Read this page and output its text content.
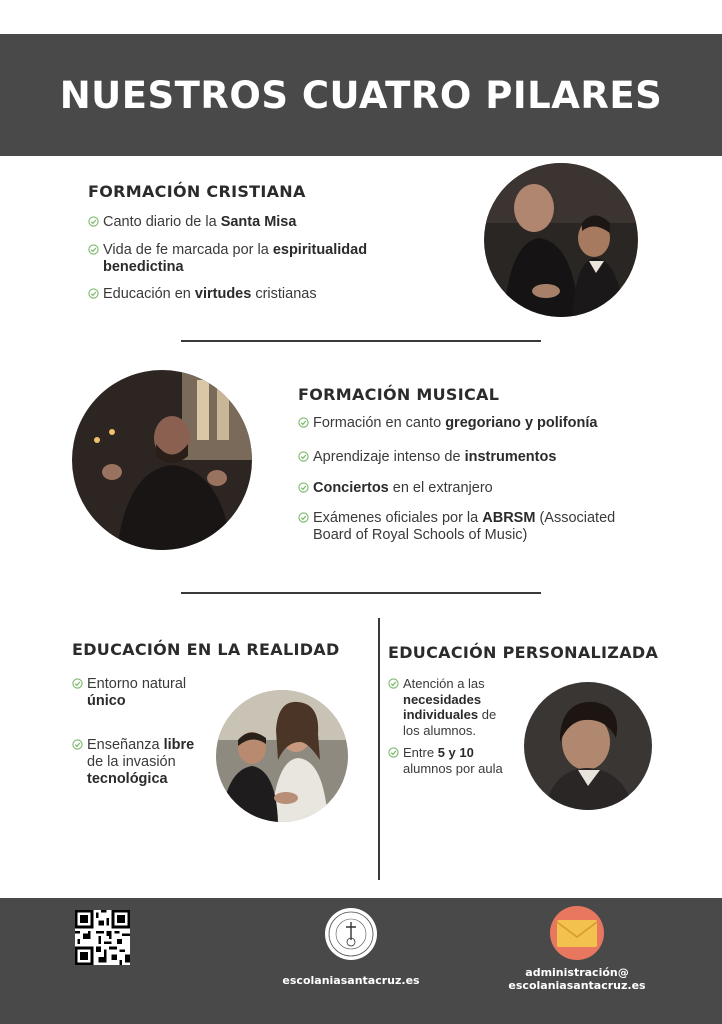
NUESTROS CUATRO PILARES
FORMACIÓN CRISTIANA
Canto diario de la Santa Misa
Vida de fe marcada por la espiritualidad benedictina
Educación en virtudes cristianas
FORMACIÓN MUSICAL
Formación en canto gregoriano y polifonía
Aprendizaje intenso de instrumentos
Conciertos en el extranjero
Exámenes oficiales por la ABRSM (Associated Board of Royal Schools of Music)
EDUCACIÓN EN LA REALIDAD
Entorno natural único
Enseñanza libre de la invasión tecnológica
EDUCACIÓN PERSONALIZADA
Atención a las necesidades individuales de los alumnos.
Entre 5 y 10 alumnos por aula
escolaniasantacruz.es
administración@
escolaniasantacruz.es
